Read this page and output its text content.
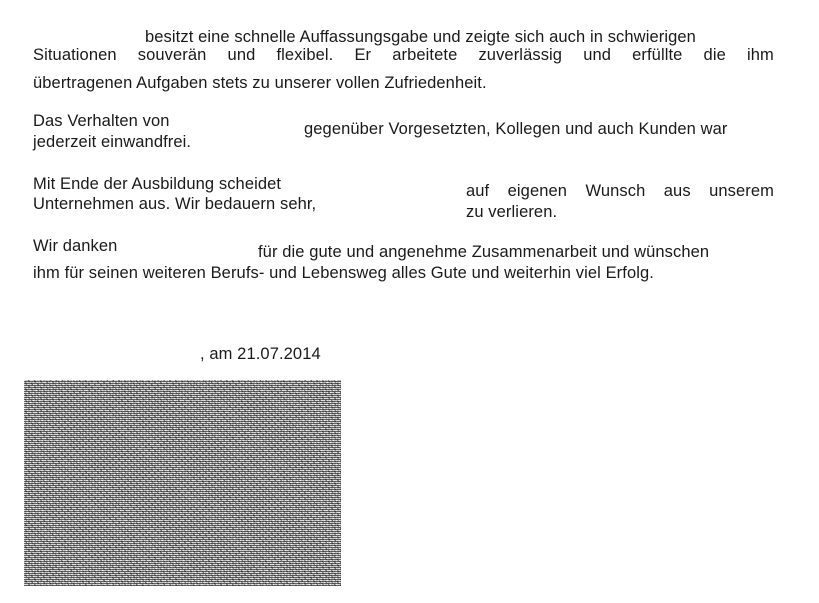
besitzt eine schnelle Auffassungsgabe und zeigte sich auch in schwierigen
Situationen souverän und flexibel. Er arbeitete zuverlässig und erfüllte die ihm
übertragenen Aufgaben stets zu unserer vollen Zufriedenheit.
Das Verhalten von	gegenüber Vorgesetzten, Kollegen und auch Kunden war
jederzeit einwandfrei.
Mit Ende der Ausbildung scheidet	auf eigenen Wunsch aus unserem
Unternehmen aus. Wir bedauern sehr,	zu verlieren.
Wir danken	für die gute und angenehme Zusammenarbeit und wünschen
ihm für seinen weiteren Berufs- und Lebensweg alles Gute und weiterhin viel Erfolg.
, am 21.07.2014
